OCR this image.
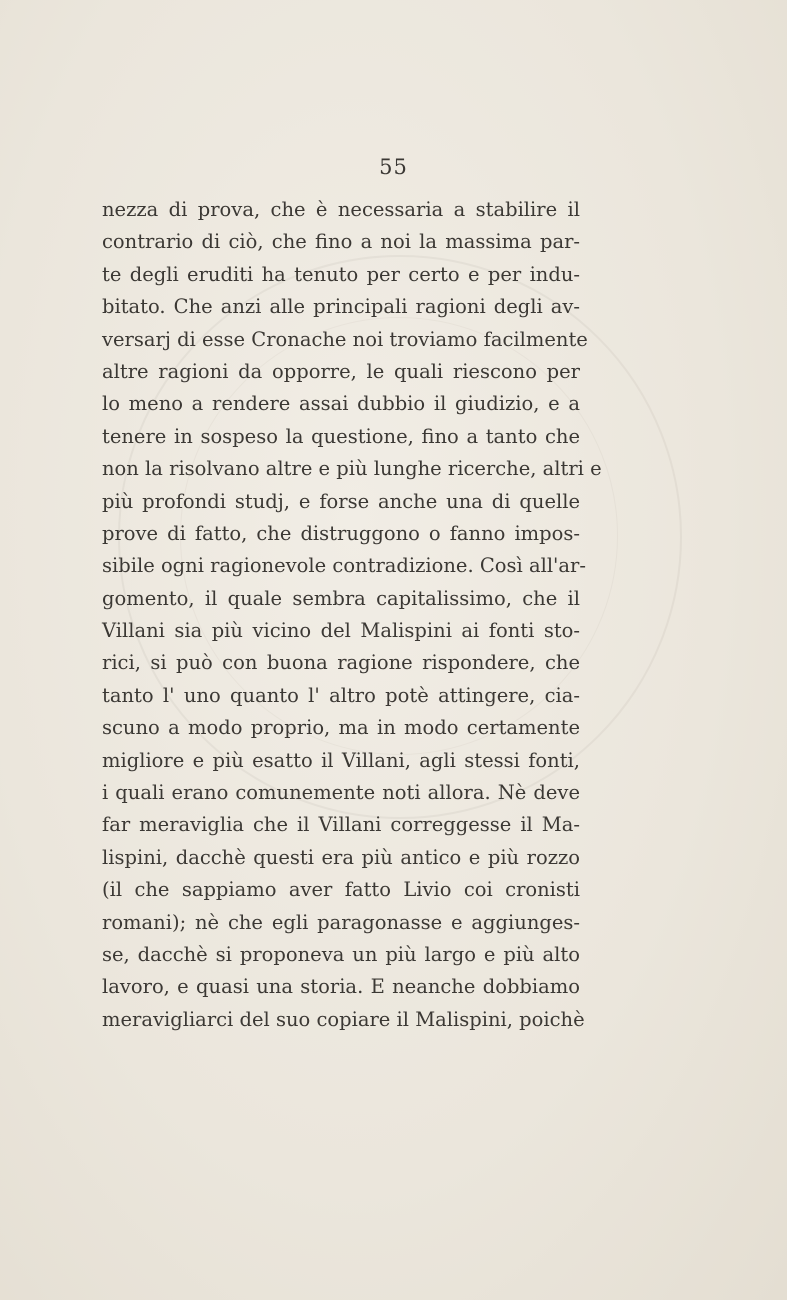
55
nezza di prova, che è necessaria a stabilire il
contrario di ciò, che fino a noi la massima par-
te degli eruditi ha tenuto per certo e per indu-
bitato. Che anzi alle principali ragioni degli av-
versarj di esse Cronache noi troviamo facilmente
altre ragioni da opporre, le quali riescono per
lo meno a rendere assai dubbio il giudizio, e a
tenere in sospeso la questione, fino a tanto che
non la risolvano altre e più lunghe ricerche, altri e
più profondi studj, e forse anche una di quelle
prove di fatto, che distruggono o fanno impos-
sibile ogni ragionevole contradizione. Così all'ar-
gomento, il quale sembra capitalissimo, che il
Villani sia più vicino del Malispini ai fonti sto-
rici, si può con buona ragione rispondere, che
tanto l' uno quanto l' altro potè attingere, cia-
scuno a modo proprio, ma in modo certamente
migliore e più esatto il Villani, agli stessi fonti,
i quali erano comunemente noti allora. Nè deve
far meraviglia che il Villani correggesse il Ma-
lispini, dacchè questi era più antico e più rozzo
(il che sappiamo aver fatto Livio coi cronisti
romani); nè che egli paragonasse e aggiunges-
se, dacchè si proponeva un più largo e più alto
lavoro, e quasi una storia. E neanche dobbiamo
meravigliarci del suo copiare il Malispini, poichè
